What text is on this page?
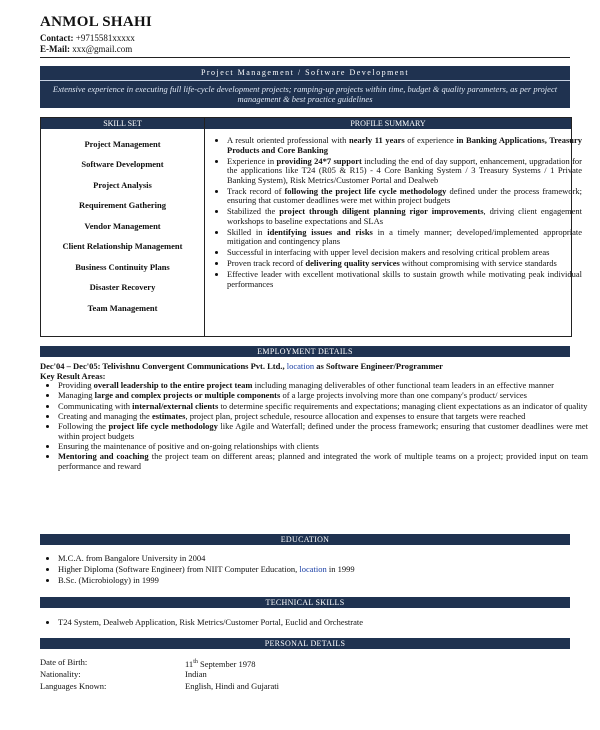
ANMOL SHAHI
Contact: +9715581xxxxx
E-Mail: xxx@gmail.com
Project Management / Software Development
Extensive experience in executing full life-cycle development projects; ramping-up projects within time, budget & quality parameters, as per project management & best practice guidelines
SKILL SET	PROFILE SUMMARY
Project Management
Software Development
Project Analysis
Requirement Gathering
Vendor Management
Client Relationship Management
Business Continuity Plans
Disaster Recovery
Team Management
• A result oriented professional with nearly 11 years of experience in Banking Applications, Treasury Products and Core Banking
• Experience in providing 24*7 support including the end of day support, enhancement, upgradation for the applications like T24 (R05 & R15) - 4 Core Banking System / 3 Treasury Systems / 1 Private Banking System), Risk Metrics/Customer Portal and Dealweb
• Track record of following the project life cycle methodology defined under the process framework; ensuring that customer deadlines were met within project budgets
• Stabilized the project through diligent planning rigor improvements, driving client engagement workshops to baseline expectations and SLAs
• Skilled in identifying issues and risks in a timely manner; developed/implemented appropriate mitigation and contingency plans
• Successful in interfacing with upper level decision makers and resolving critical problem areas
• Proven track record of delivering quality services without compromising with service standards
• Effective leader with excellent motivational skills to sustain growth while motivating peak individual performances
EMPLOYMENT DETAILS
Dec'04 – Dec'05: Telivishnu Convergent Communications Pvt. Ltd., location as Software Engineer/Programmer
Key Result Areas:
• Providing overall leadership to the entire project team including managing deliverables of other functional team leaders in an effective manner
• Managing large and complex projects or multiple components of a large projects involving more than one company's product/ services
• Communicating with internal/external clients to determine specific requirements and expectations; managing client expectations as an indicator of quality
• Creating and managing the estimates, project plan, project schedule, resource allocation and expenses to ensure that targets were reached
• Following the project life cycle methodology like Agile and Waterfall; defined under the process framework; ensuring that customer deadlines were met within project budgets
• Ensuring the maintenance of positive and on-going relationships with clients
• Mentoring and coaching the project team on different areas; planned and integrated the work of multiple teams on a project; provided input on team performance and reward
EDUCATION
• M.C.A. from Bangalore University in 2004
• Higher Diploma (Software Engineer) from NIIT Computer Education, location in 1999
• B.Sc. (Microbiology) in 1999
TECHNICAL SKILLS
• T24 System, Dealweb Application, Risk Metrics/Customer Portal, Euclid and Orchestrate
PERSONAL DETAILS
Date of Birth:	11th September 1978
Nationality:	Indian
Languages Known:	English, Hindi and Gujarati
